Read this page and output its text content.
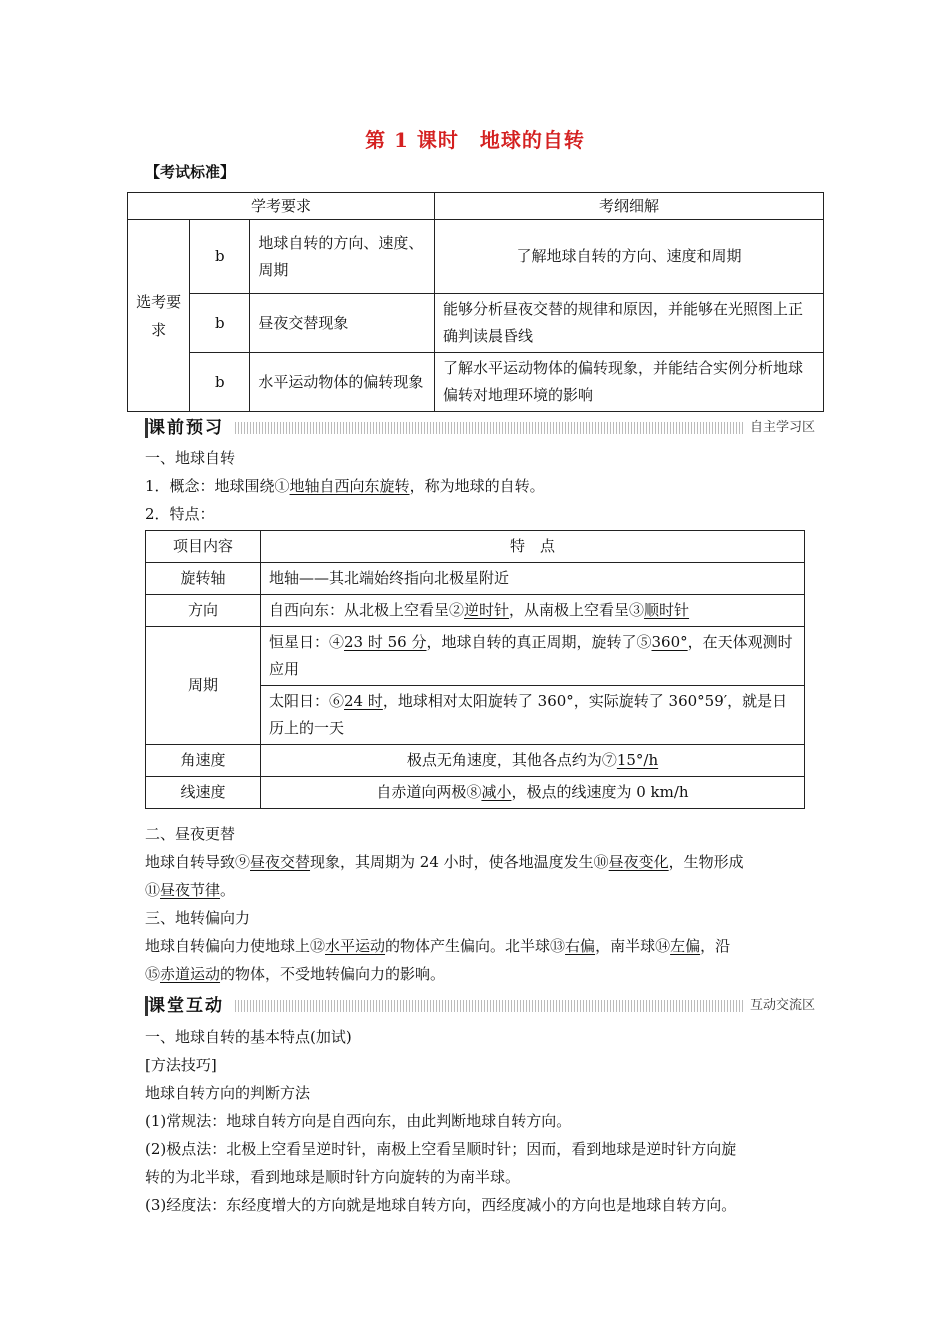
第 1 课时　地球的自转
【考试标准】
学考要求			考纲细解
选考要求	b	地球自转的方向、速度、周期	了解地球自转的方向、速度和周期
	b	昼夜交替现象	能够分析昼夜交替的规律和原因，并能够在光照图上正确判读晨昏线
	b	水平运动物体的偏转现象	了解水平运动物体的偏转现象，并能结合实例分析地球偏转对地理环境的影响
课前预习	自主学习区
一、地球自转
1．概念：地球围绕①地轴自西向东旋转，称为地球的自转。
2．特点：
项目内容	特　点
旋转轴	地轴——其北端始终指向北极星附近
方向	自西向东：从北极上空看呈②逆时针，从南极上空看呈③顺时针
周期	恒星日：④23 时 56 分，地球自转的真正周期，旋转了⑤360°，在天体观测时应用
	太阳日：⑥24 时，地球相对太阳旋转了 360°，实际旋转了 360°59′，就是日历上的一天
角速度	极点无角速度，其他各点约为⑦15°/h
线速度	自赤道向两极⑧减小，极点的线速度为 0 km/h
二、昼夜更替
地球自转导致⑨昼夜交替现象，其周期为 24 小时，使各地温度发生⑩昼夜变化，生物形成
⑪昼夜节律。
三、地转偏向力
地球自转偏向力使地球上⑫水平运动的物体产生偏向。北半球⑬右偏，南半球⑭左偏，沿
⑮赤道运动的物体，不受地转偏向力的影响。
课堂互动	互动交流区
一、地球自转的基本特点(加试)
[方法技巧]
地球自转方向的判断方法
(1)常规法：地球自转方向是自西向东，由此判断地球自转方向。
(2)极点法：北极上空看呈逆时针，南极上空看呈顺时针；因而，看到地球是逆时针方向旋
转的为北半球，看到地球是顺时针方向旋转的为南半球。
(3)经度法：东经度增大的方向就是地球自转方向，西经度减小的方向也是地球自转方向。
